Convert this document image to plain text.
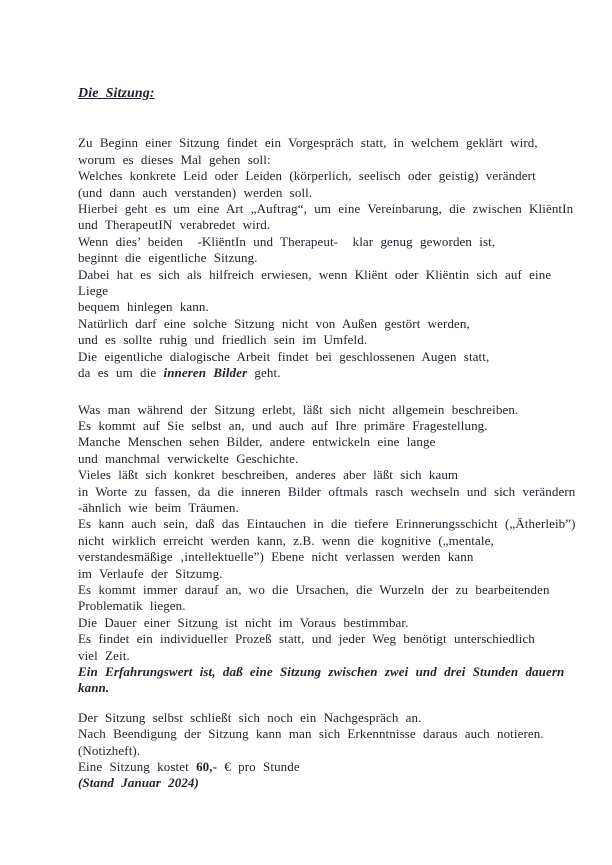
Die Sitzung:
Zu Beginn einer Sitzung findet ein Vorgespräch statt, in welchem geklärt wird,
worum es dieses Mal gehen soll:
Welches konkrete Leid oder Leiden (körperlich, seelisch oder geistig) verändert
(und dann auch verstanden) werden soll.
Hierbei geht es um eine Art „Auftrag“, um eine Vereinbarung, die zwischen KliëntIn
und TherapeutIN verabredet wird.
Wenn dies’ beiden  -KliëntIn und Therapeut-  klar genug geworden ist,
beginnt die eigentliche Sitzung.
Dabei hat es sich als hilfreich erwiesen, wenn Kliënt oder Kliëntin sich auf eine Liege
bequem hinlegen kann.
Natürlich darf eine solche Sitzung nicht von Außen gestört werden,
und es sollte ruhig und friedlich sein im Umfeld.
Die eigentliche dialogische Arbeit findet bei geschlossenen Augen statt,
da es um die inneren Bilder geht.
Was man während der Sitzung erlebt, läßt sich nicht allgemein beschreiben.
Es kommt auf Sie selbst an, und auch auf Ihre primäre Fragestellung.
Manche Menschen sehen Bilder, andere entwickeln eine lange
und manchmal verwickelte Geschichte.
Vieles läßt sich konkret beschreiben, anderes aber läßt sich kaum
in Worte zu fassen, da die inneren Bilder oftmals rasch wechseln und sich verändern
-ähnlich wie beim Träumen.
Es kann auch sein, daß das Eintauchen in die tiefere Erinnerungsschicht („Ätherleib”)
nicht wirklich erreicht werden kann, z.B. wenn die kognitive („mentale,
verstandesmäßige ‚intellektuelle”) Ebene nicht verlassen werden kann
im Verlaufe der Sitzumg.
Es kommt immer darauf an, wo die Ursachen, die Wurzeln der zu bearbeitenden
Problematik liegen.
Die Dauer einer Sitzung ist nicht im Voraus bestimmbar.
Es findet ein individueller Prozeß statt, und jeder Weg benötigt unterschiedlich
viel Zeit.
Ein Erfahrungswert ist, daß eine Sitzung zwischen zwei und drei Stunden dauern
kann.
Der Sitzung selbst schließt sich noch ein Nachgespräch an.
Nach Beendigung der Sitzung kann man sich Erkenntnisse daraus auch notieren.
(Notizheft).
Eine Sitzung kostet 60,- € pro Stunde
(Stand Januar 2024)
